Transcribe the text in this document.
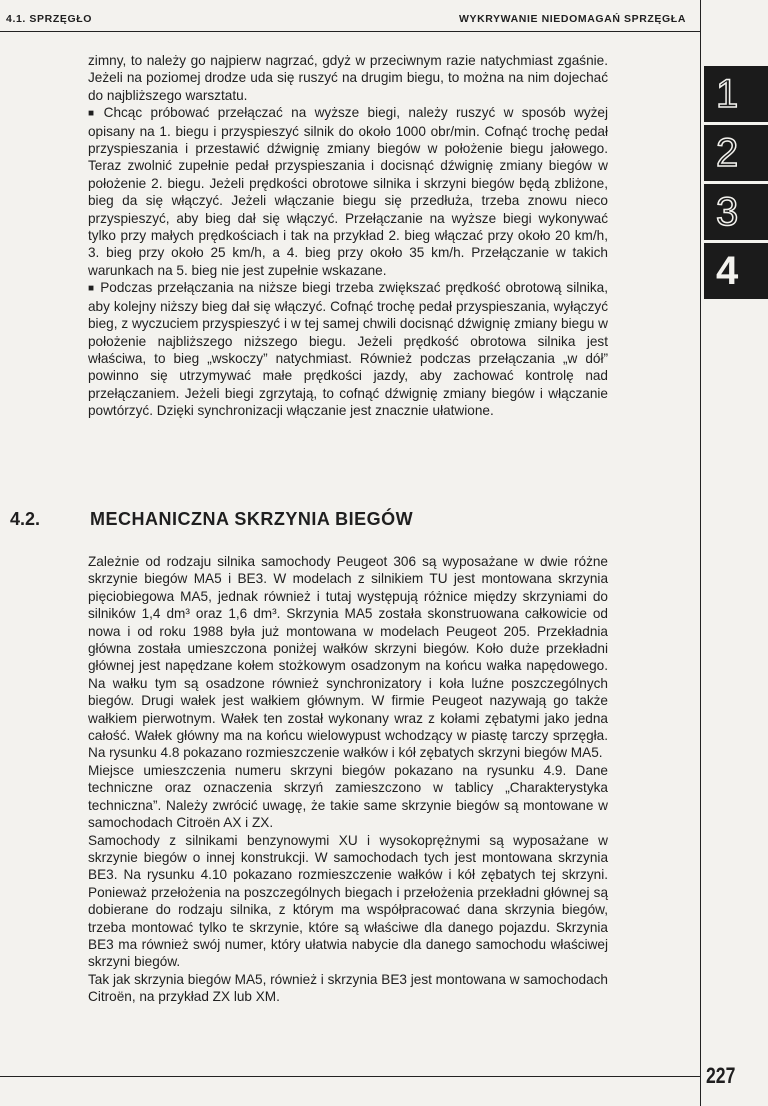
4.1. SPRZĘGŁO	WYKRYWANIE NIEDOMAGAŃ SPRZĘGŁA
1
2
3
4

zimny, to należy go najpierw nagrzać, gdyż w przeciwnym razie natychmiast zgaśnie. Jeżeli na poziomej drodze uda się ruszyć na drugim biegu, to można na nim dojechać do najbliższego warsztatu.

■ Chcąc próbować przełączać na wyższe biegi, należy ruszyć w sposób wyżej opisany na 1. biegu i przyspieszyć silnik do około 1000 obr/min. Cofnąć trochę pedał przyspieszania i przestawić dźwignię zmiany biegów w położenie biegu jałowego. Teraz zwolnić zupełnie pedał przyspieszania i docisnąć dźwignię zmiany biegów w położenie 2. biegu. Jeżeli prędkości obrotowe silnika i skrzyni biegów będą zbliżone, bieg da się włączyć. Jeżeli włączanie biegu się przedłuża, trzeba znowu nieco przyspieszyć, aby bieg dał się włączyć. Przełączanie na wyższe biegi wykonywać tylko przy małych prędkościach i tak na przykład 2. bieg włączać przy około 20 km/h, 3. bieg przy około 25 km/h, a 4. bieg przy około 35 km/h. Przełączanie w takich warunkach na 5. bieg nie jest zupełnie wskazane.

■ Podczas przełączania na niższe biegi trzeba zwiększać prędkość obrotową silnika, aby kolejny niższy bieg dał się włączyć. Cofnąć trochę pedał przyspieszania, wyłączyć bieg, z wyczuciem przyspieszyć i w tej samej chwili docisnąć dźwignię zmiany biegu w położenie najbliższego niższego biegu. Jeżeli prędkość obrotowa silnika jest właściwa, to bieg „wskoczy” natychmiast. Również podczas przełączania „w dół” powinno się utrzymywać małe prędkości jazdy, aby zachować kontrolę nad przełączaniem. Jeżeli biegi zgrzytają, to cofnąć dźwignię zmiany biegów i włączanie powtórzyć. Dzięki synchronizacji włączanie jest znacznie ułatwione.

4.2.	MECHANICZNA SKRZYNIA BIEGÓW

Zależnie od rodzaju silnika samochody Peugeot 306 są wyposażane w dwie różne skrzynie biegów MA5 i BE3. W modelach z silnikiem TU jest montowana skrzynia pięciobiegowa MA5, jednak również i tutaj występują różnice między skrzyniami do silników 1,4 dm³ oraz 1,6 dm³. Skrzynia MA5 została skonstruowana całkowicie od nowa i od roku 1988 była już montowana w modelach Peugeot 205. Przekładnia główna została umieszczona poniżej wałków skrzyni biegów. Koło duże przekładni głównej jest napędzane kołem stożkowym osadzonym na końcu wałka napędowego. Na wałku tym są osadzone również synchronizatory i koła luźne poszczególnych biegów. Drugi wałek jest wałkiem głównym. W firmie Peugeot nazywają go także wałkiem pierwotnym. Wałek ten został wykonany wraz z kołami zębatymi jako jedna całość. Wałek główny ma na końcu wielowypust wchodzący w piastę tarczy sprzęgła. Na rysunku 4.8 pokazano rozmieszczenie wałków i kół zębatych skrzyni biegów MA5.

Miejsce umieszczenia numeru skrzyni biegów pokazano na rysunku 4.9. Dane techniczne oraz oznaczenia skrzyń zamieszczono w tablicy „Charakterystyka techniczna”. Należy zwrócić uwagę, że takie same skrzynie biegów są montowane w samochodach Citroën AX i ZX.

Samochody z silnikami benzynowymi XU i wysokoprężnymi są wyposażane w skrzynie biegów o innej konstrukcji. W samochodach tych jest montowana skrzynia BE3. Na rysunku 4.10 pokazano rozmieszczenie wałków i kół zębatych tej skrzyni. Ponieważ przełożenia na poszczególnych biegach i przełożenia przekładni głównej są dobierane do rodzaju silnika, z którym ma współpracować dana skrzynia biegów, trzeba montować tylko te skrzynie, które są właściwe dla danego pojazdu. Skrzynia BE3 ma również swój numer, który ułatwia nabycie dla danego samochodu właściwej skrzyni biegów.

Tak jak skrzynia biegów MA5, również i skrzynia BE3 jest montowana w samochodach Citroën, na przykład ZX lub XM.

227
